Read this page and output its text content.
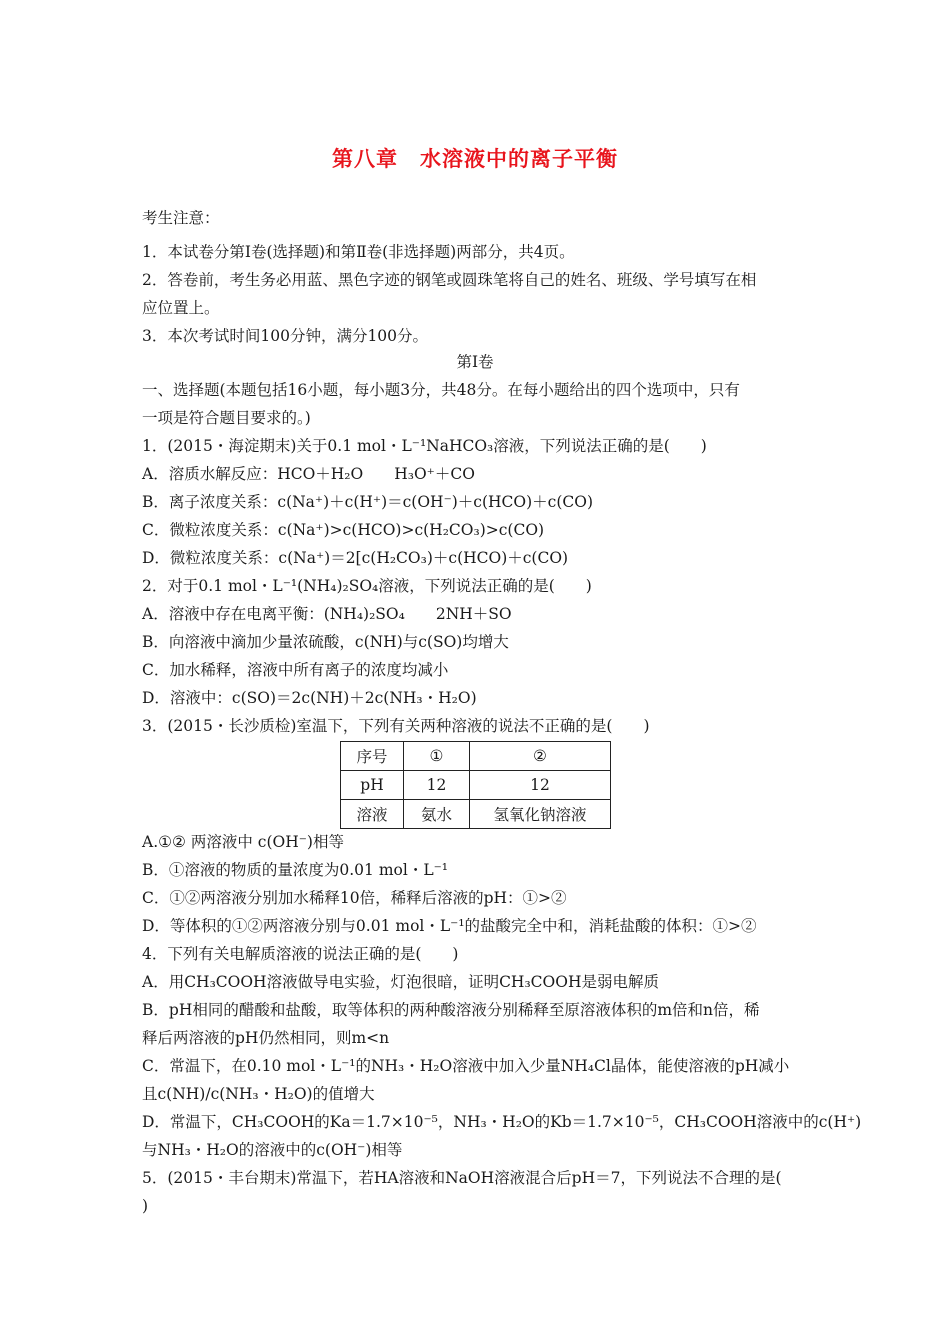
第八章　水溶液中的离子平衡
考生注意：
1．本试卷分第Ⅰ卷(选择题)和第Ⅱ卷(非选择题)两部分，共4页。
2．答卷前，考生务必用蓝、黑色字迹的钢笔或圆珠笔将自己的姓名、班级、学号填写在相
应位置上。
3．本次考试时间100分钟，满分100分。
第Ⅰ卷
一、选择题(本题包括16小题，每小题3分，共48分。在每小题给出的四个选项中，只有
一项是符合题目要求的。)
1．(2015・海淀期末)关于0.1 mol・L⁻¹NaHCO₃溶液，下列说法正确的是(　　)
A．溶质水解反应：HCO＋H₂O　　H₃O⁺＋CO
B．离子浓度关系：c(Na⁺)＋c(H⁺)＝c(OH⁻)＋c(HCO)＋c(CO)
C．微粒浓度关系：c(Na⁺)>c(HCO)>c(H₂CO₃)>c(CO)
D．微粒浓度关系：c(Na⁺)＝2[c(H₂CO₃)＋c(HCO)＋c(CO)
2．对于0.1 mol・L⁻¹(NH₄)₂SO₄溶液，下列说法正确的是(　　)
A．溶液中存在电离平衡：(NH₄)₂SO₄　　2NH＋SO
B．向溶液中滴加少量浓硫酸，c(NH)与c(SO)均增大
C．加水稀释，溶液中所有离子的浓度均减小
D．溶液中：c(SO)＝2c(NH)＋2c(NH₃・H₂O)
3．(2015・长沙质检)室温下，下列有关两种溶液的说法不正确的是(　　)
序号	①	②
pH	12	12
溶液	氨水	氢氧化钠溶液
A.①② 两溶液中 c(OH⁻)相等
B．①溶液的物质的量浓度为0.01 mol・L⁻¹
C．①②两溶液分别加水稀释10倍，稀释后溶液的pH：①>②
D．等体积的①②两溶液分别与0.01 mol・L⁻¹的盐酸完全中和，消耗盐酸的体积：①>②
4．下列有关电解质溶液的说法正确的是(　　)
A．用CH₃COOH溶液做导电实验，灯泡很暗，证明CH₃COOH是弱电解质
B．pH相同的醋酸和盐酸，取等体积的两种酸溶液分别稀释至原溶液体积的m倍和n倍，稀
释后两溶液的pH仍然相同，则m<n
C．常温下，在0.10 mol・L⁻¹的NH₃・H₂O溶液中加入少量NH₄Cl晶体，能使溶液的pH减小
且c(NH)/c(NH₃・H₂O)的值增大
D．常温下，CH₃COOH的Ka＝1.7×10⁻⁵，NH₃・H₂O的Kb＝1.7×10⁻⁵，CH₃COOH溶液中的c(H⁺)
与NH₃・H₂O的溶液中的c(OH⁻)相等
5．(2015・丰台期末)常温下，若HA溶液和NaOH溶液混合后pH＝7，下列说法不合理的是(
)
